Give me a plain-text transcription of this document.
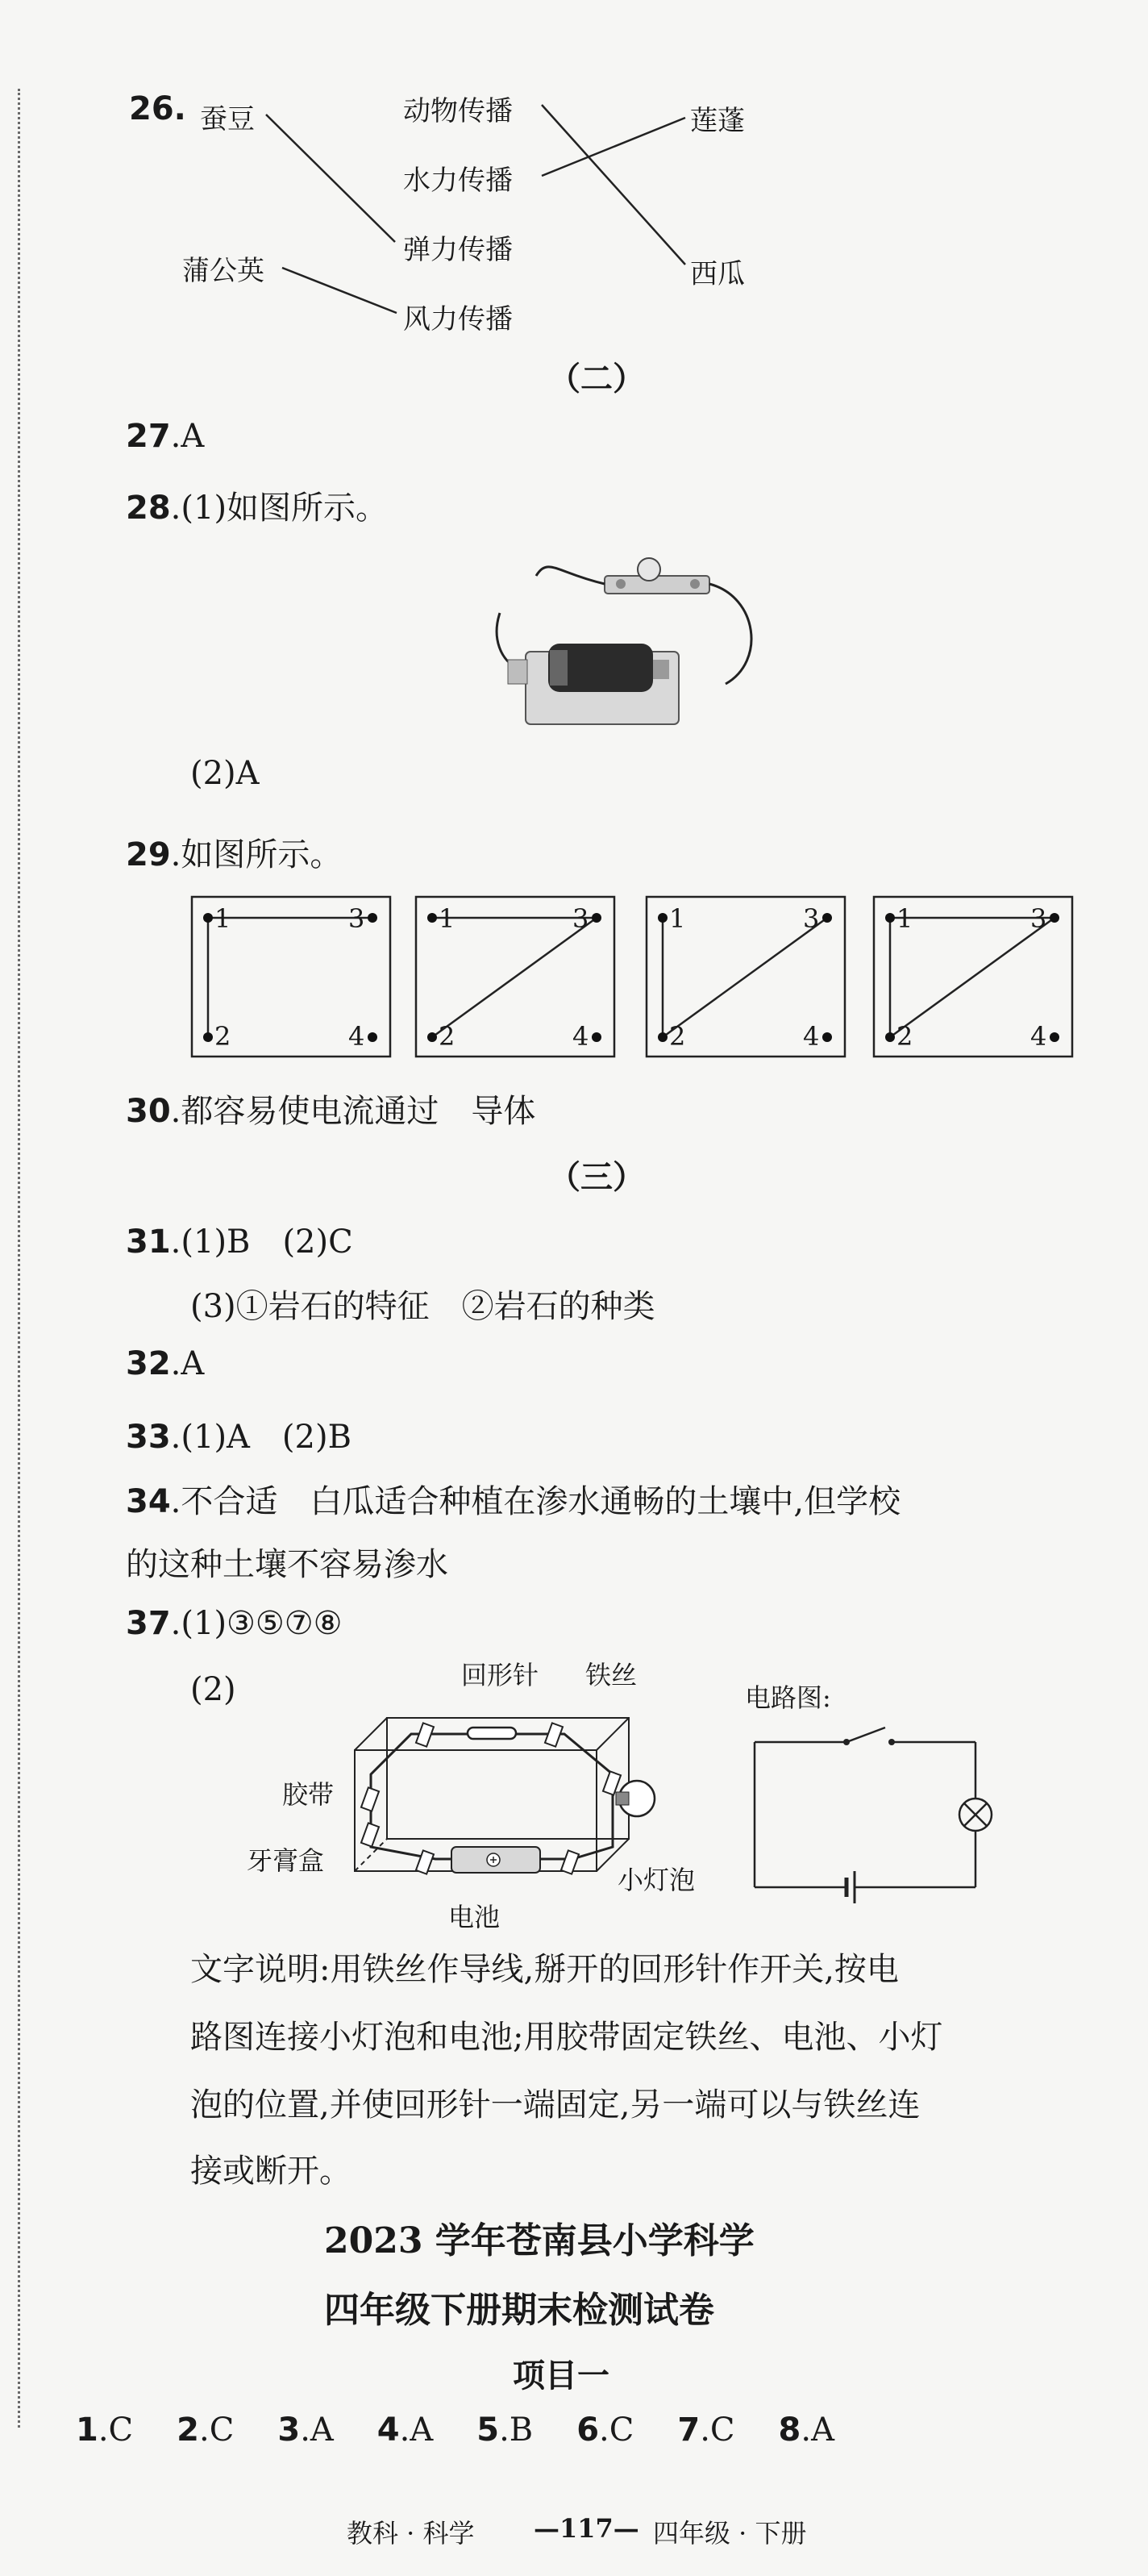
26. 蚕豆
蒲公英
动物传播
水力传播
弹力传播
风力传播
莲蓬
西瓜
（二）
27.A
28.(1)如图所示。
(2)A
29.如图所示。
1	3
2	4
1	3
2	4
1	3
2	4
1	3
2	4
30.都容易使电流通过　导体
（三）
31.(1)B　(2)C
(3)①岩石的特征　②岩石的种类
32.A
33.(1)A　(2)B
34.不合适　白瓜适合种植在渗水通畅的土壤中,但学校
的这种土壤不容易渗水
37.(1)③⑤⑦⑧
(2)	回形针 铁丝
胶带
牙膏盒
电池
小灯泡
电路图:
文字说明:用铁丝作导线,掰开的回形针作开关,按电
路图连接小灯泡和电池;用胶带固定铁丝、电池、小灯
泡的位置,并使回形针一端固定,另一端可以与铁丝连
接或断开。
2023 学年苍南县小学科学
四年级下册期末检测试卷
项目一
1.C 2.C 3.A 4.A 5.B 6.C 7.C 8.A
教科 · 科学 —117— 四年级 · 下册
